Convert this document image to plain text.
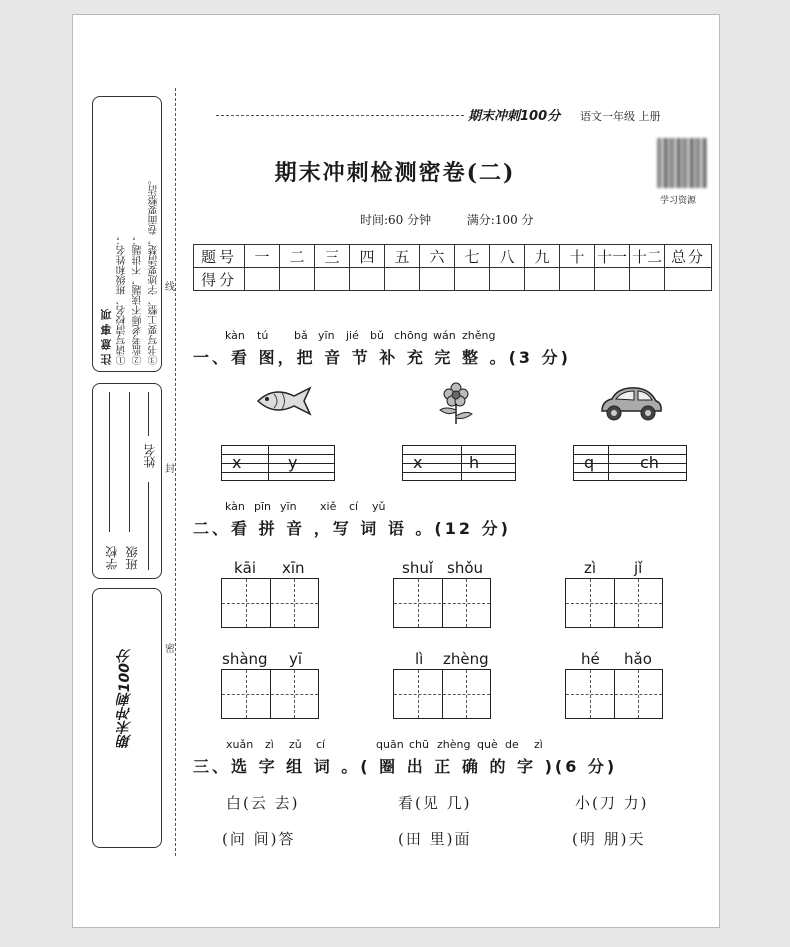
注意事项 ①请写清校名、班级和姓名； ②监考老师不读题，不讲题； ③书写要工整、字迹要清楚，卷面要整洁。
学校 班级
姓名
期末冲刺100分
线
封
密
期末冲刺100分 语文一年级 上册
学习资源
期末冲刺检测密卷(二)
时间:60 分钟	满分:100 分
题号	一	二	三	四	五	六	七	八	九	十	十一	十二	总分
得分													
kàn tú bǎ yīn jié bǔ chōng wán zhěng
一、看 图，把 音 节 补 充 完 整 。(3 分)
x	y	x	h	q	ch
kàn pīn yīn xiě cí yǔ
二、看 拼 音 ，写 词 语 。(12 分)
kāi xīn	shuǐ shǒu	zì	jǐ
shàng yī	lì zhèng	hé hǎo
xuǎn zì zǔ cí	quān chū zhèng què de zì
三、选 字 组 词 。( 圈 出 正 确 的 字 )(6 分)
白(云 去)	看(见 几)	小(刀 力)
(问 间)答	(田 里)面	(明 朋)天
